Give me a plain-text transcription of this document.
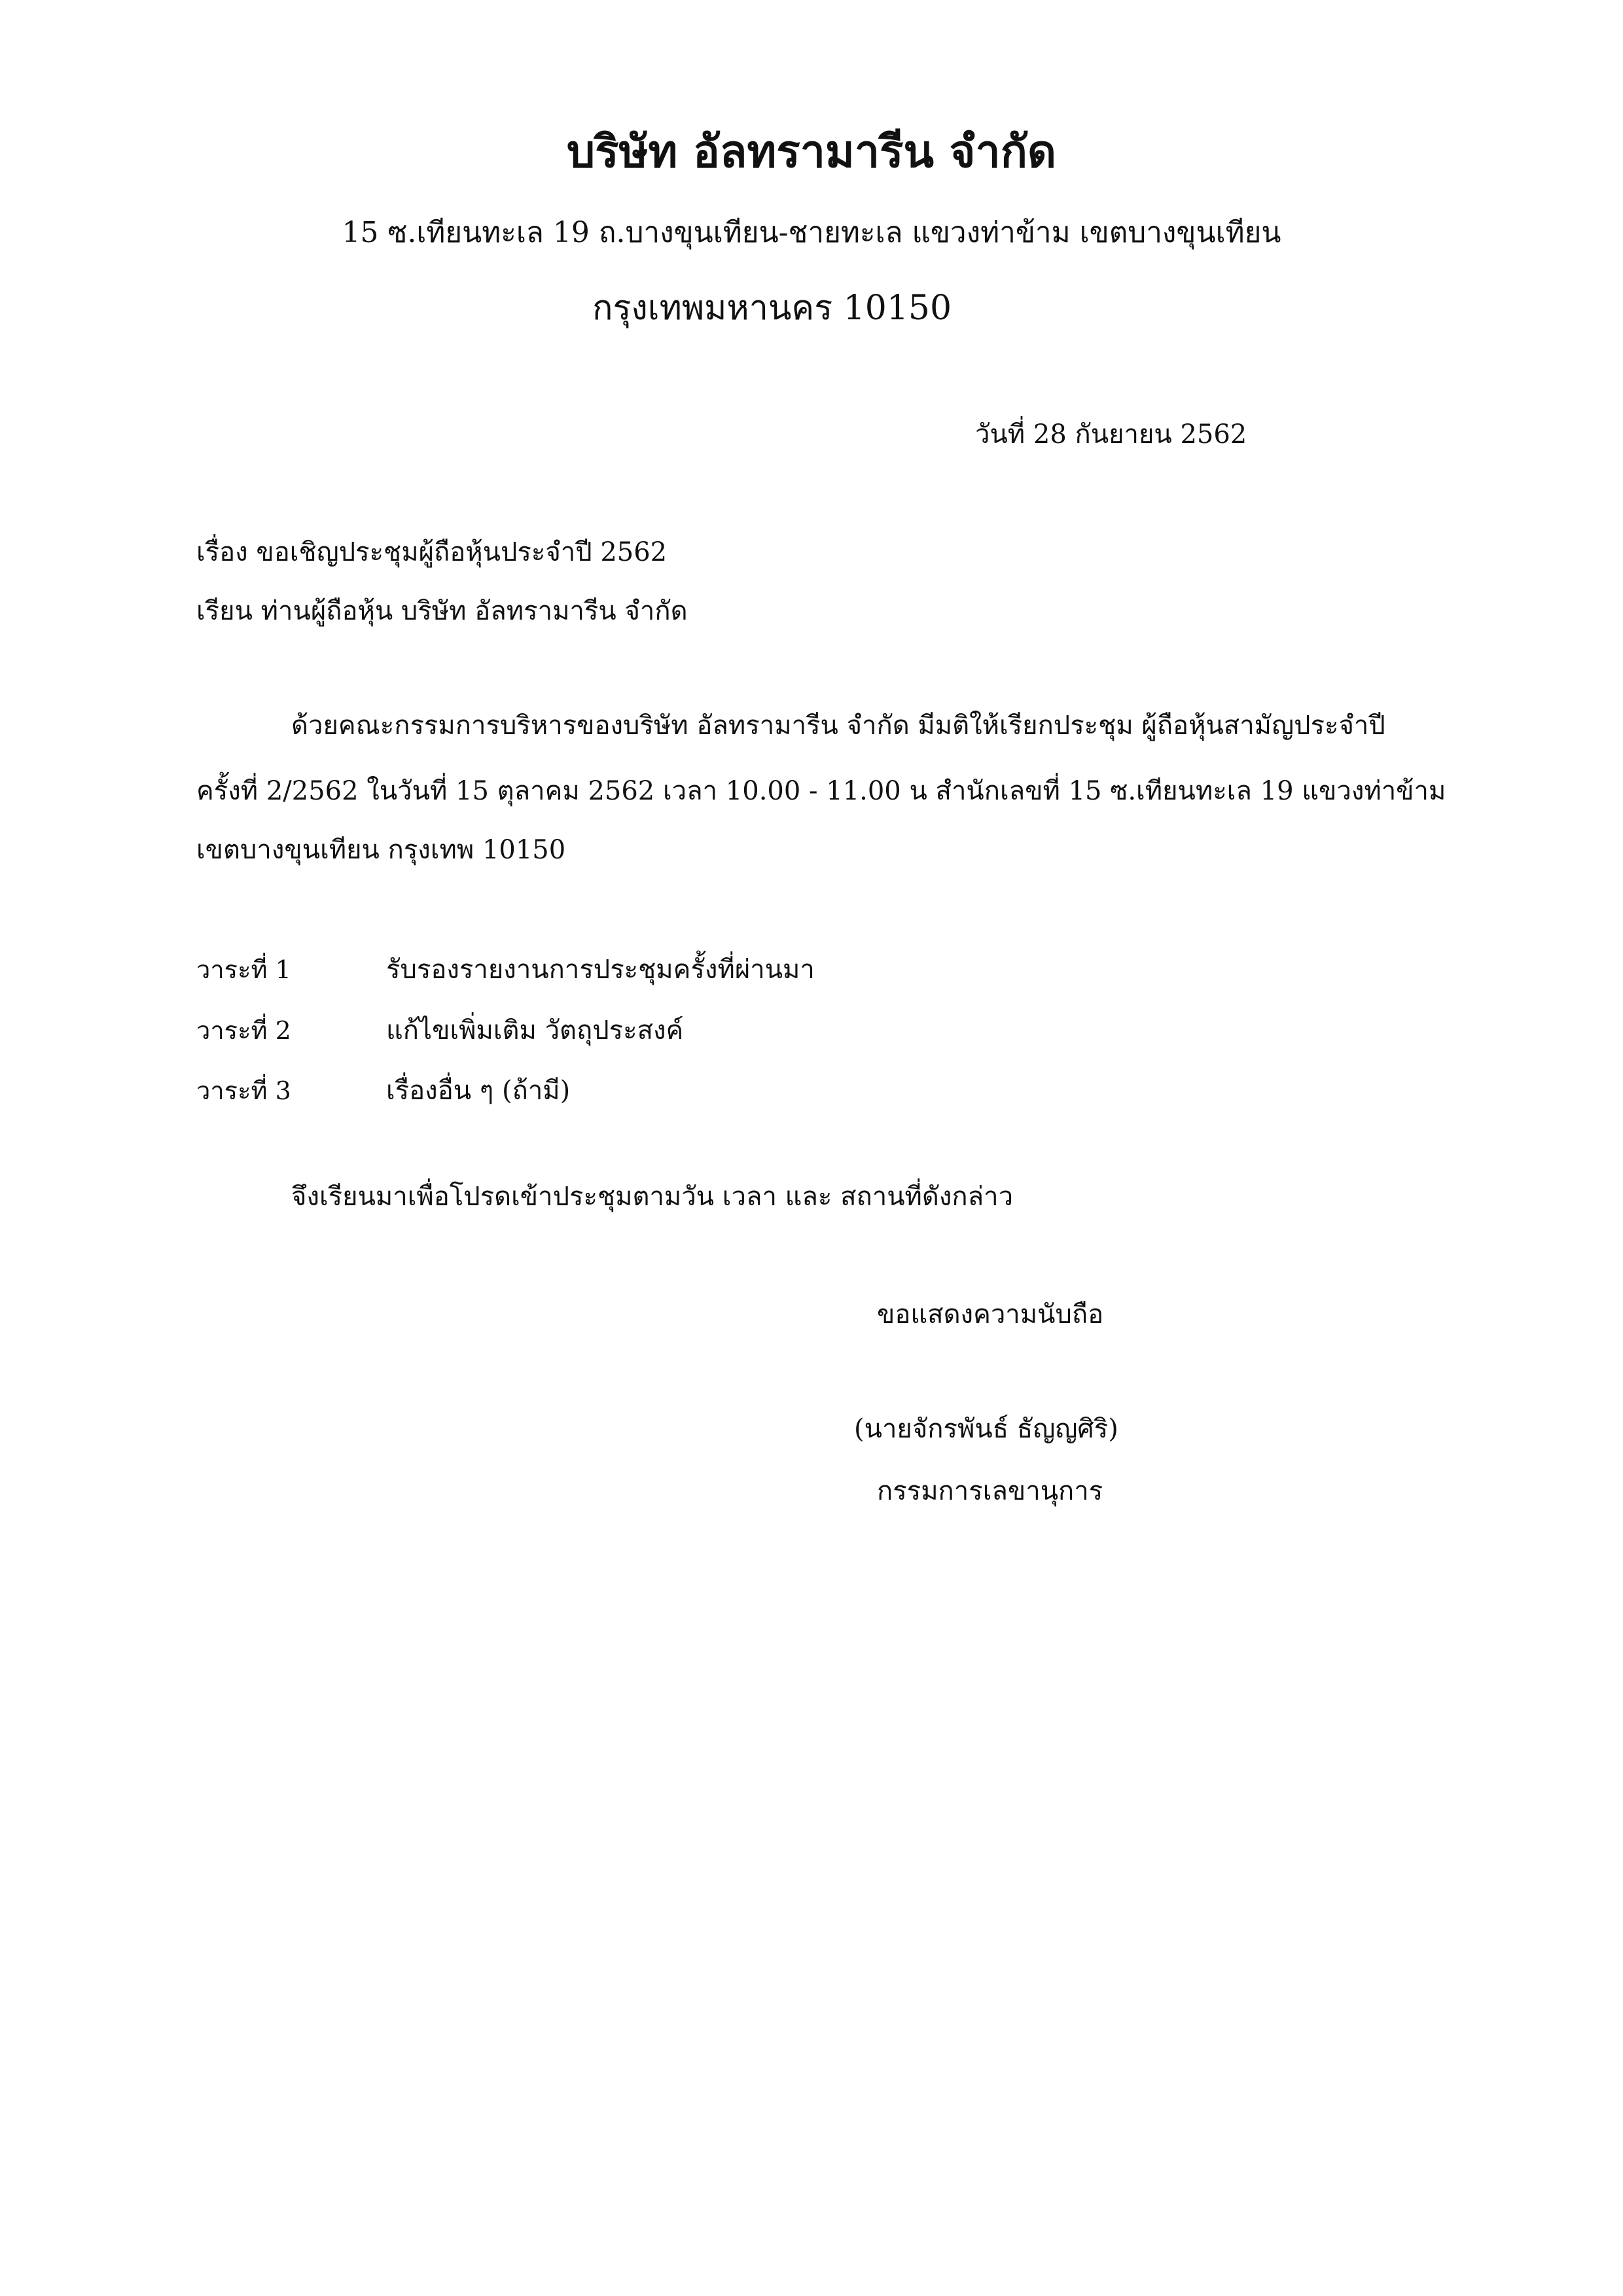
บริษัท อัลทรามารีน จำกัด
15 ซ.เทียนทะเล 19 ถ.บางขุนเทียน-ชายทะเล แขวงท่าข้าม เขตบางขุนเทียน
กรุงเทพมหานคร 10150
วันที่ 28 กันยายน 2562
เรื่อง ขอเชิญประชุมผู้ถือหุ้นประจำปี 2562
เรียน ท่านผู้ถือหุ้น บริษัท อัลทรามารีน จำกัด
ด้วยคณะกรรมการบริหารของบริษัท อัลทรามารีน จำกัด มีมติให้เรียกประชุม ผู้ถือหุ้นสามัญประจำปี
ครั้งที่ 2/2562 ในวันที่ 15 ตุลาคม 2562 เวลา 10.00 - 11.00 น สำนักเลขที่ 15 ซ.เทียนทะเล 19 แขวงท่าข้าม
เขตบางขุนเทียน กรุงเทพ 10150
วาระที่ 1	รับรองรายงานการประชุมครั้งที่ผ่านมา
วาระที่ 2	แก้ไขเพิ่มเติม วัตถุประสงค์
วาระที่ 3	เรื่องอื่น ๆ (ถ้ามี)
จึงเรียนมาเพื่อโปรดเข้าประชุมตามวัน เวลา และ สถานที่ดังกล่าว
ขอแสดงความนับถือ
(นายจักรพันธ์ ธัญญศิริ)
กรรมการเลขานุการ
